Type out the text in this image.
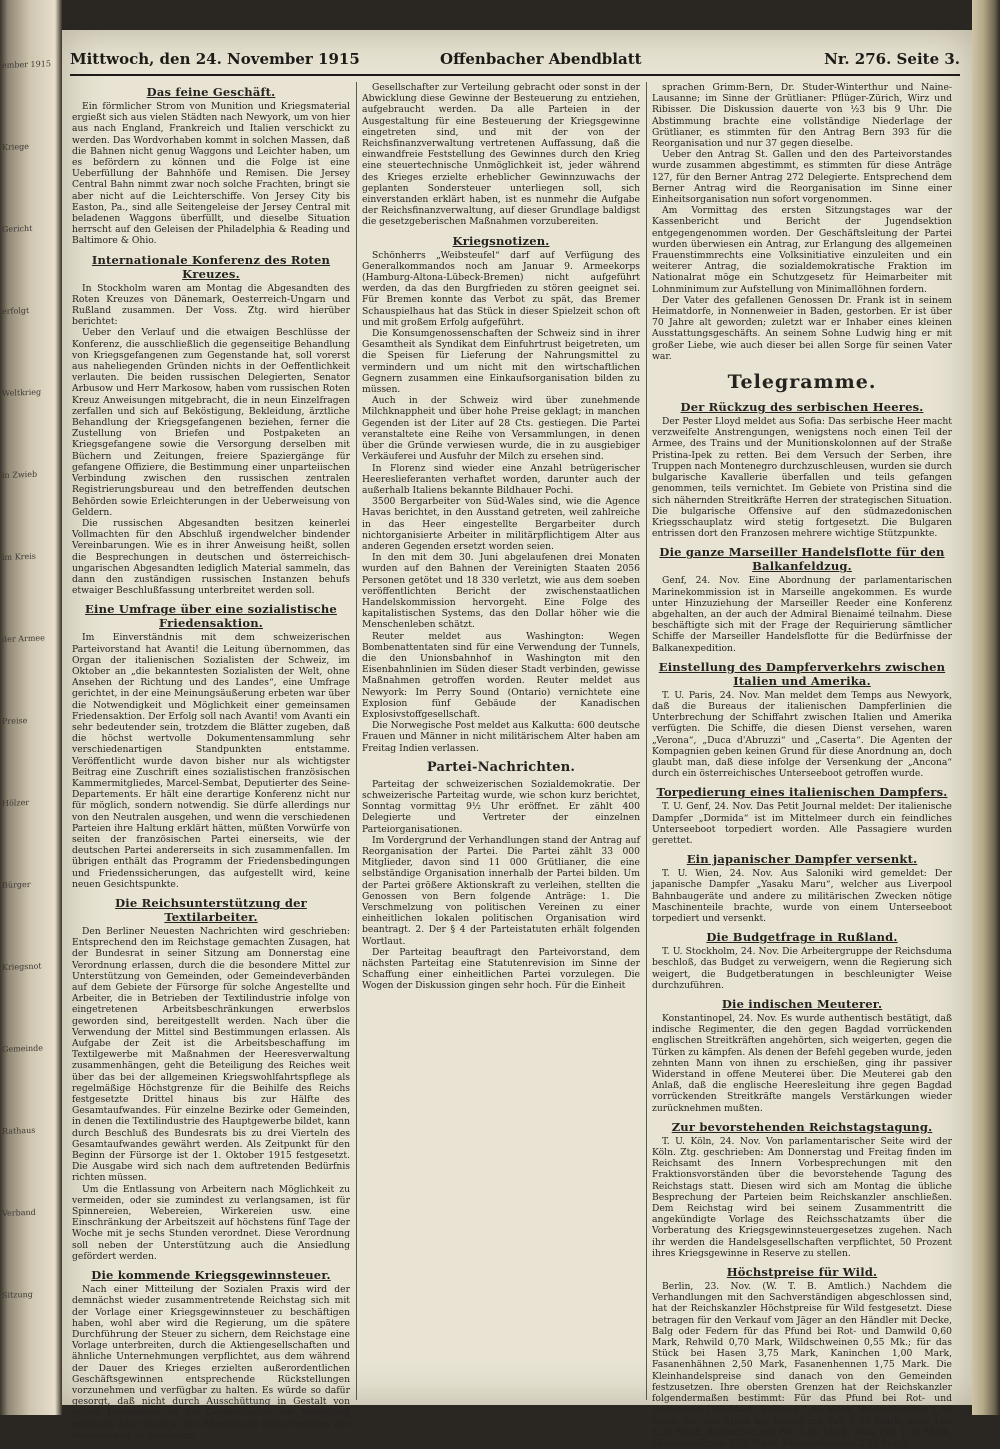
ember 1915
Kriege
Gericht
erfolgt
Weltkrieg
in Zwieb
im Kreis
der Armee
Preise
Hölzer
Bürger
Kriegsnot
Gemeinde
Rathaus
Verband
Sitzung
Mittwoch, den 24. November 1915	Offenbacher Abendblatt	Nr. 276. Seite 3.
Das feine Geschäft.

Ein förmlicher Strom von Munition und Kriegsmaterial ergießt sich aus vielen Städten nach Newyork, um von hier aus nach England, Frankreich und Italien verschickt zu werden. Das Wordvorhaben kommt in solchen Massen, daß die Bahnen nicht genug Waggons und Leichter haben, um es befördern zu können und die Folge ist eine Ueberfüllung der Bahnhöfe und Remisen. Die Jersey Central Bahn nimmt zwar noch solche Frachten, bringt sie aber nicht auf die Leichterschiffe. Von Jersey City bis Easton, Pa., sind alle Seitengeleise der Jersey Central mit beladenen Waggons überfüllt, und dieselbe Situation herrscht auf den Geleisen der Philadelphia & Reading und Baltimore & Ohio.

Internationale Konferenz des Roten Kreuzes.

In Stockholm waren am Montag die Abgesandten des Roten Kreuzes von Dänemark, Oesterreich-Ungarn und Rußland zusammen. Der Voss. Ztg. wird hierüber berichtet:

Ueber den Verlauf und die etwaigen Beschlüsse der Konferenz, die ausschließlich die gegenseitige Behandlung von Kriegsgefangenen zum Gegenstande hat, soll vorerst aus naheliegenden Gründen nichts in der Oeffentlichkeit verlauten. Die beiden russischen Delegierten, Senator Arbusow und Herr Markosow, haben vom russischen Roten Kreuz Anweisungen mitgebracht, die in neun Einzelfragen zerfallen und sich auf Beköstigung, Bekleidung, ärztliche Behandlung der Kriegsgefangenen beziehen, ferner die Zustellung von Briefen und Postpaketen an Kriegsgefangene sowie die Versorgung derselben mit Büchern und Zeitungen, freiere Spaziergänge für gefangene Offiziere, die Bestimmung einer unparteiischen Verbindung zwischen den russischen zentralen Registrierungsbureau und den betreffenden deutschen Behörden sowie Erleichterungen in der Ueberweisung von Geldern.

Die russischen Abgesandten besitzen keinerlei Vollmachten für den Abschluß irgendwelcher bindender Vereinbarungen. Wie es in ihrer Anweisung heißt, sollen die Besprechungen in deutschen und österreichisch-ungarischen Abgesandten lediglich Material sammeln, das dann den zuständigen russischen Instanzen behufs etwaiger Beschlußfassung unterbreitet werden soll.

Eine Umfrage über eine sozialistische Friedensaktion.

Im Einverständnis mit dem schweizerischen Parteivorstand hat Avanti! die Leitung übernommen, das Organ der italienischen Sozialisten der Schweiz, im Oktober an „die bekanntesten Sozialisten der Welt, ohne Ansehen der Richtung und des Landes“, eine Umfrage gerichtet, in der eine Meinungsäußerung erbeten war über die Notwendigkeit und Möglichkeit einer gemeinsamen Friedensaktion. Der Erfolg soll nach Avanti! vom Avanti ein sehr bedeutender sein, trotzdem die Blätter zugeben, daß die höchst wertvolle Dokumentensammlung sehr verschiedenartigen Standpunkten entstamme. Veröffentlicht wurde davon bisher nur als wichtigster Beitrag eine Zuschrift eines sozialistischen französischen Kammermitgliedes, Marcel-Sembat, Deputierter des Seine-Departements. Er hält eine derartige Konferenz nicht nur für möglich, sondern notwendig. Sie dürfe allerdings nur von den Neutralen ausgehen, und wenn die verschiedenen Parteien ihre Haltung erklärt hätten, müßten Vorwürfe von seiten der französischen Partei einerseits, wie der deutschen Partei andererseits in sich zusammenfallen. Im übrigen enthält das Programm der Friedensbedingungen und Friedenssicherungen, das aufgestellt wird, keine neuen Gesichtspunkte.

Die Reichsunterstützung der Textilarbeiter.

Den Berliner Neuesten Nachrichten wird geschrieben: Entsprechend den im Reichstage gemachten Zusagen, hat der Bundesrat in seiner Sitzung am Donnerstag eine Verordnung erlassen, durch die die besondere Mittel zur Unterstützung von Gemeinden, oder Gemeindeverbänden auf dem Gebiete der Fürsorge für solche Angestellte und Arbeiter, die in Betrieben der Textilindustrie infolge von eingetretenen Arbeitsbeschränkungen erwerbslos geworden sind, bereitgestellt werden. Nach über die Verwendung der Mittel sind Bestimmungen erlassen. Als Aufgabe der Zeit ist die Arbeitsbeschaffung im Textilgewerbe mit Maßnahmen der Heeresverwaltung zusammenhängen, geht die Beteiligung des Reiches weit über das bei der allgemeinen Kriegswohlfahrtspflege als regelmäßige Höchstgrenze für die Beihilfe des Reichs festgesetzte Drittel hinaus bis zur Hälfte des Gesamtaufwandes. Für einzelne Bezirke oder Gemeinden, in denen die Textilindustrie des Hauptgewerbe bildet, kann durch Beschluß des Bundesrats bis zu drei Vierteln des Gesamtaufwandes gewährt werden. Als Zeitpunkt für den Beginn der Fürsorge ist der 1. Oktober 1915 festgesetzt. Die Ausgabe wird sich nach dem auftretenden Bedürfnis richten müssen.

Um die Entlassung von Arbeitern nach Möglichkeit zu vermeiden, oder sie zumindest zu verlangsamen, ist für Spinnereien, Webereien, Wirkereien usw. eine Einschränkung der Arbeitszeit auf höchstens fünf Tage der Woche mit je sechs Stunden verordnet. Diese Verordnung soll neben der Unterstützung auch die Ansiedlung gefördert werden.

Die kommende Kriegsgewinnsteuer.

Nach einer Mitteilung der Sozialen Praxis wird der demnächst wieder zusammentretende Reichstag sich mit der Vorlage einer Kriegsgewinnsteuer zu beschäftigen haben, wohl aber wird die Regierung, um die spätere Durchführung der Steuer zu sichern, dem Reichstage eine Vorlage unterbreiten, durch die Aktiengesellschaften und ähnliche Unternehmungen verpflichtet, aus dem während der Dauer des Krieges erzielten außerordentlichen Geschäftsgewinnen entsprechende Rückstellungen vorzunehmen und verfügbar zu halten. Es würde so dafür gesorgt, daß nicht durch Ausschüttung in Gestalt von hohen Dividenden an die Gesellschafter zur Verteilung gebracht oder sonst in der Abwicklung diese Gewinne der Besteuerung zu entziehen.

Gesellschafter zur Verteilung gebracht oder sonst in der Abwicklung diese Gewinne der Besteuerung zu entziehen, aufgebraucht werden. Da alle Parteien in der Ausgestaltung für eine Besteuerung der Kriegsgewinne eingetreten sind, und mit der von der Reichsfinanzverwaltung vertretenen Auffassung, daß die einwandfreie Feststellung des Gewinnes durch den Krieg eine steuertechnische Unmöglichkeit ist, jeder während des Krieges erzielte erheblicher Gewinnzuwachs der geplanten Sondersteuer unterliegen soll, sich einverstanden erklärt haben, ist es nunmehr die Aufgabe der Reichsfinanzverwaltung, auf dieser Grundlage baldigst die gesetzgeberischen Maßnahmen vorzubereiten.

Kriegsnotizen.

Schönherrs „Weibsteufel“ darf auf Verfügung des Generalkommandos noch am Januar 9. Armeekorps (Hamburg-Altona-Lübeck-Bremen) nicht aufgeführt werden, da das den Burgfrieden zu stören geeignet sei. Für Bremen konnte das Verbot zu spät, das Bremer Schauspielhaus hat das Stück in dieser Spielzeit schon oft und mit großem Erfolg aufgeführt.

Die Konsumgenossenschaften der Schweiz sind in ihrer Gesamtheit als Syndikat dem Einfuhrtrust beigetreten, um die Speisen für Lieferung der Nahrungsmittel zu vermindern und um nicht mit den wirtschaftlichen Gegnern zusammen eine Einkaufsorganisation bilden zu müssen.

Auch in der Schweiz wird über zunehmende Milchknappheit und über hohe Preise geklagt; in manchen Gegenden ist der Liter auf 28 Cts. gestiegen. Die Partei veranstaltete eine Reihe von Versammlungen, in denen über die Gründe verwiesen wurde, die in zu ausgiebiger Verkäuferei und Ausfuhr der Milch zu ersehen sind.

In Florenz sind wieder eine Anzahl betrügerischer Heereslieferanten verhaftet worden, darunter auch der außerhalb Italiens bekannte Bildhauer Pochi.

3500 Bergarbeiter von Süd-Wales sind, wie die Agence Havas berichtet, in den Ausstand getreten, weil zahlreiche in das Heer eingestellte Bergarbeiter durch nichtorganisierte Arbeiter in militärpflichtigem Alter aus anderen Gegenden ersetzt worden seien.

In den mit dem 30. Juni abgelaufenen drei Monaten wurden auf den Bahnen der Vereinigten Staaten 2056 Personen getötet und 18 330 verletzt, wie aus dem soeben veröffentlichten Bericht der zwischenstaatlichen Handelskommission hervorgeht. Eine Folge des kapitalistischen Systems, das den Dollar höher wie die Menschenleben schätzt.

Reuter meldet aus Washington: Wegen Bombenattentaten sind für eine Verwendung der Tunnels, die den Unionsbahnhof in Washington mit den Eisenbahnlinien im Süden dieser Stadt verbinden, gewisse Maßnahmen getroffen worden. Reuter meldet aus Newyork: Im Perry Sound (Ontario) vernichtete eine Explosion fünf Gebäude der Kanadischen Explosivstoffgesellschaft.

Die Norwegische Post meldet aus Kalkutta: 600 deutsche Frauen und Männer in nicht militärischem Alter haben am Freitag Indien verlassen.

Partei-Nachrichten.

Parteitag der schweizerischen Sozialdemokratie. Der schweizerische Parteitag wurde, wie schon kurz berichtet, Sonntag vormittag 9½ Uhr eröffnet. Er zählt 400 Delegierte und Vertreter der einzelnen Parteiorganisationen.

Im Vordergrund der Verhandlungen stand der Antrag auf Reorganisation der Partei. Die Partei zählt 33 000 Mitglieder, davon sind 11 000 Grütlianer, die eine selbständige Organisation innerhalb der Partei bilden. Um der Partei größere Aktionskraft zu verleihen, stellten die Genossen von Bern folgende Anträge: 1. Die Verschmelzung von politischen Vereinen zu einer einheitlichen lokalen politischen Organisation wird beantragt. 2. Der § 4 der Parteistatuten erhält folgenden Wortlaut.

Der Parteitag beauftragt den Parteivorstand, dem nächsten Parteitag eine Statutenrevision im Sinne der Schaffung einer einheitlichen Partei vorzulegen. Die Wogen der Diskussion gingen sehr hoch. Für die Einheit

sprachen Grimm-Bern, Dr. Studer-Winterthur und Naine-Lausanne; im Sinne der Grütlianer: Pflüger-Zürich, Wirz und Ribisser. Die Diskussion dauerte von ½3 bis 9 Uhr. Die Abstimmung brachte eine vollständige Niederlage der Grütlianer, es stimmten für den Antrag Bern 393 für die Reorganisation und nur 37 gegen dieselbe.

Ueber den Antrag St. Gallen und den des Parteivorstandes wurde zusammen abgestimmt, es stimmten für diese Anträge 127, für den Berner Antrag 272 Delegierte. Entsprechend dem Berner Antrag wird die Reorganisation im Sinne einer Einheitsorganisation nun sofort vorgenommen.

Am Vormittag des ersten Sitzungstages war der Kassenbericht und Bericht der Jugendsektion entgegengenommen worden. Der Geschäftsleitung der Partei wurden überwiesen ein Antrag, zur Erlangung des allgemeinen Frauenstimmrechts eine Volksinitiative einzuleiten und ein weiterer Antrag, die sozialdemokratische Fraktion im Nationalrat möge ein Schutzgesetz für Heimarbeiter mit Lohnminimum zur Aufstellung von Minimallöhnen fordern.

Der Vater des gefallenen Genossen Dr. Frank ist in seinem Heimatdorfe, in Nonnenweier in Baden, gestorben. Er ist über 70 Jahre alt geworden; zuletzt war er Inhaber eines kleinen Ausstattungsgeschäfts. An seinem Sohne Ludwig hing er mit großer Liebe, wie auch dieser bei allen Sorge für seinen Vater war.

Telegramme.
Der Rückzug des serbischen Heeres.

Der Pester Lloyd meldet aus Sofia: Das serbische Heer macht verzweifelte Anstrengungen, wenigstens noch einen Teil der Armee, des Trains und der Munitionskolonnen auf der Straße Pristina-Ipek zu retten. Bei dem Versuch der Serben, ihre Truppen nach Montenegro durchzuschleusen, wurden sie durch bulgarische Kavallerie überfallen und teils gefangen genommen, teils vernichtet. Im Gebiete von Pristina sind die sich nähernden Streitkräfte Herren der strategischen Situation. Die bulgarische Offensive auf den südmazedonischen Kriegsschauplatz wird stetig fortgesetzt. Die Bulgaren entrissen dort den Franzosen mehrere wichtige Stützpunkte.

Die ganze Marseiller Handelsflotte für den Balkanfeldzug.

Genf, 24. Nov. Eine Abordnung der parlamentarischen Marinekommission ist in Marseille angekommen. Es wurde unter Hinzuziehung der Marseiller Reeder eine Konferenz abgehalten, an der auch der Admiral Bienaimé teilnahm. Diese beschäftigte sich mit der Frage der Requirierung sämtlicher Schiffe der Marseiller Handelsflotte für die Bedürfnisse der Balkanexpedition.

Einstellung des Dampferverkehrs zwischen Italien und Amerika.

T. U. Paris, 24. Nov. Man meldet dem Temps aus Newyork, daß die Bureaus der italienischen Dampferlinien die Unterbrechung der Schiffahrt zwischen Italien und Amerika verfügten. Die Schiffe, die diesen Dienst versehen, waren „Verona“, „Duca d'Abruzzi“ und „Caserta“. Die Agenten der Kompagnien geben keinen Grund für diese Anordnung an, doch glaubt man, daß diese infolge der Versenkung der „Ancona“ durch ein österreichisches Unterseeboot getroffen wurde.

Torpedierung eines italienischen Dampfers.

T. U. Genf, 24. Nov. Das Petit Journal meldet: Der italienische Dampfer „Dormida“ ist im Mittelmeer durch ein feindliches Unterseeboot torpediert worden. Alle Passagiere wurden gerettet.

Ein japanischer Dampfer versenkt.

T. U. Wien, 24. Nov. Aus Saloniki wird gemeldet: Der japanische Dampfer „Yasaku Maru“, welcher aus Liverpool Bahnbaugeräte und andere zu militärischen Zwecken nötige Maschinenteile brachte, wurde von einem Unterseeboot torpediert und versenkt.

Die Budgetfrage in Rußland.

T. U. Stockholm, 24. Nov. Die Arbeitergruppe der Reichsduma beschloß, das Budget zu verweigern, wenn die Regierung sich weigert, die Budgetberatungen in beschleunigter Weise durchzuführen.

Die indischen Meuterer.

Konstantinopel, 24. Nov. Es wurde authentisch bestätigt, daß indische Regimenter, die den gegen Bagdad vorrückenden englischen Streitkräften angehörten, sich weigerten, gegen die Türken zu kämpfen. Als denen der Befehl gegeben wurde, jeden zehnten Mann von ihnen zu erschießen, ging ihr passiver Widerstand in offene Meuterei über. Die Meuterei gab den Anlaß, daß die englische Heeresleitung ihre gegen Bagdad vorrückenden Streitkräfte mangels Verstärkungen wieder zurücknehmen mußten.

Zur bevorstehenden Reichstagstagung.

T. U. Köln, 24. Nov. Von parlamentarischer Seite wird der Köln. Ztg. geschrieben: Am Donnerstag und Freitag finden im Reichsamt des Innern Vorbesprechungen mit den Fraktionsvorständen über die bevorstehende Tagung des Reichstags statt. Diesen wird sich am Montag die übliche Besprechung der Parteien beim Reichskanzler anschließen. Dem Reichstag wird bei seinem Zusammentritt die angekündigte Vorlage des Reichsschatzamts über die Vorberatung des Kriegsgewinnsteuergesetzes zugehen. Nach ihr werden die Handelsgesellschaften verpflichtet, 50 Prozent ihres Kriegsgewinne in Reserve zu stellen.

Höchstpreise für Wild.

Berlin, 23. Nov. (W. T. B. Amtlich.) Nachdem die Verhandlungen mit den Sachverständigen abgeschlossen sind, hat der Reichskanzler Höchstpreise für Wild festgesetzt. Diese betragen für den Verkauf vom Jäger an den Händler mit Decke, Balg oder Federn für das Pfund bei Rot- und Damwild 0,60 Mark, Rehwild 0,70 Mark, Wildschweinen 0,55 Mk.; für das Stück bei Hasen 3,75 Mark, Kaninchen 1,00 Mark, Fasanenhähnen 2,50 Mark, Fasanenhennen 1,75 Mark. Die Kleinhandelspreise sind danach von den Gemeinden festzusetzen. Ihre obersten Grenzen hat der Reichskanzler folgendermaßen bestimmt: Für das Pfund bei Rot- und Dammwild 1,40 Mark, Rehwild 1,80 Mark, Wildschweinen 1,10 Mark; für das Stück bei Hasen mit Fell 5,00 Mark, ohne Fell 4,50 Mark, Kaninchen mit Fell 1,60 Mark, ohne Fell 1,30 Mark, Fasanenhähnen 3,50 Mark, Fasanenhennen 2,50 Mark.
